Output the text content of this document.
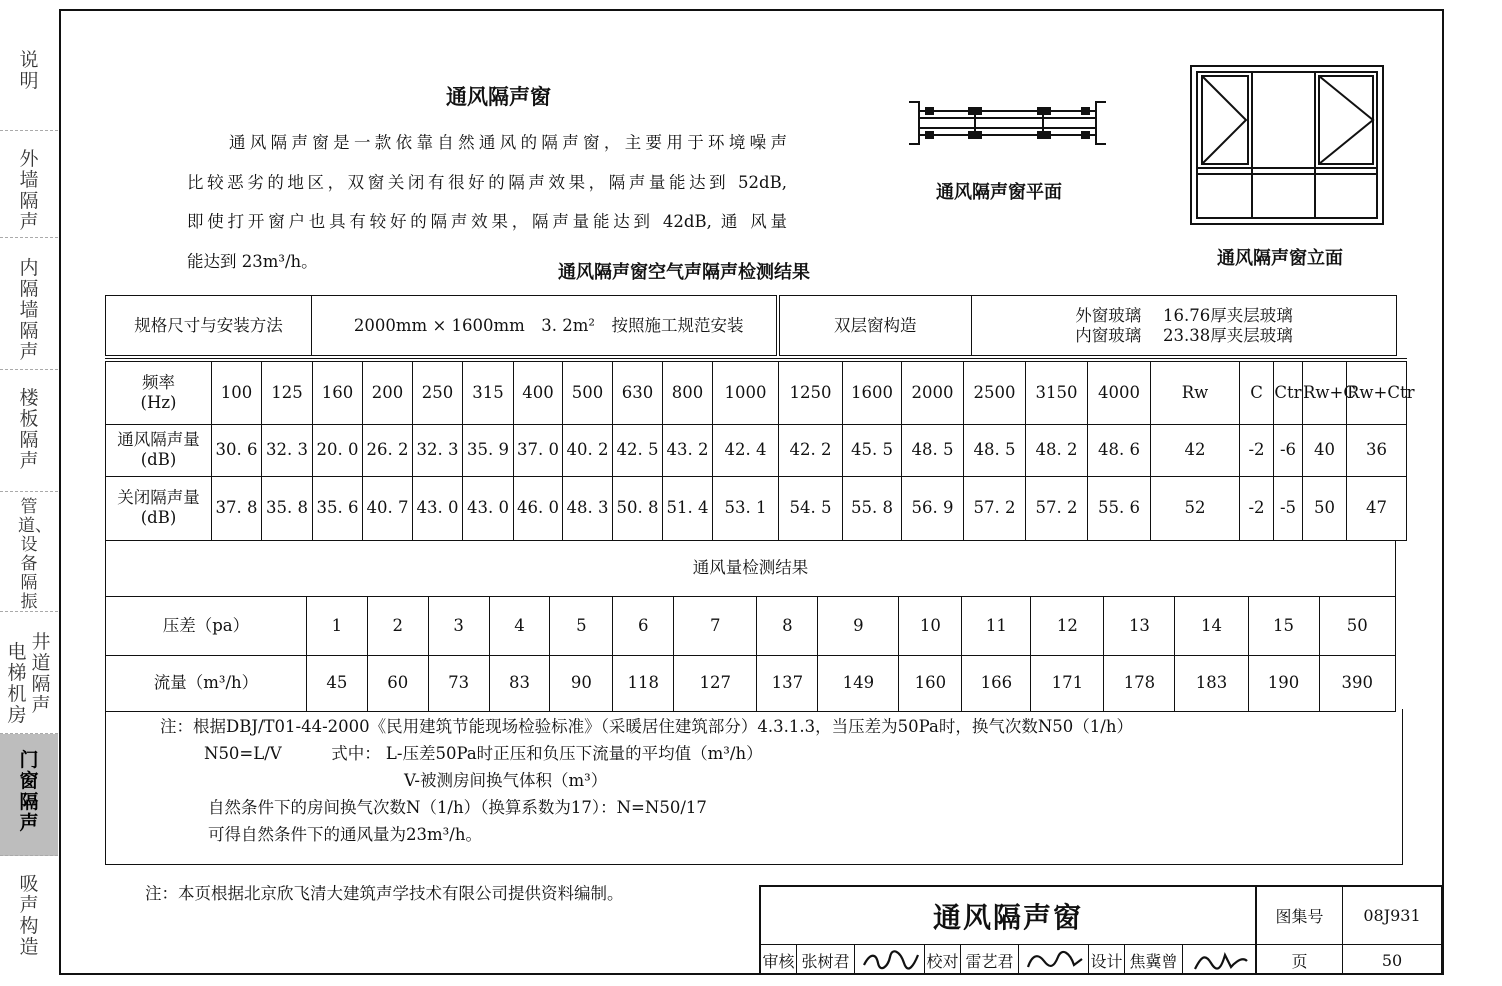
说明
外墙隔声
内隔墙隔声
楼板隔声
管道、设备隔振
电梯机房
井道隔声
门窗隔声
吸声构造
通风隔声窗
通风隔声窗是一款依靠自然通风的隔声窗，主要用于环境噪声
比较恶劣的地区，双窗关闭有很好的隔声效果，隔声量能达到 52dB,
即使打开窗户也具有较好的隔声效果，隔声量能达到 42dB, 通 风量
能达到 23m³/h。
通风隔声窗平面
通风隔声窗立面
通风隔声窗空气声隔声检测结果
规格尺寸与安装方法	2000mm × 1600mm　3. 2m²　按照施工规范安装	双层窗构造	
外窗玻璃　 16.76厚夹层玻璃
内窗玻璃　 23.38厚夹层玻璃
频率
(Hz)	100	125	160	200	250	315	400	500	630	800	1000	1250	1600	2000	2500	3150	4000	Rw	C	Ctr	Rw+C	Rw+Ctr

通风隔声量
(dB)	30. 6	32. 3	20. 0	26. 2	32. 3	35. 9	37. 0	40. 2	42. 5	43. 2	42. 4	42. 2	45. 5	48. 5	48. 5	48. 2	48. 6	42	-2	-6	40	36

关闭隔声量
(dB)	37. 8	35. 8	35. 6	40. 7	43. 0	43. 0	46. 0	48. 3	50. 8	51. 4	53. 1	54. 5	55. 8	56. 9	57. 2	57. 2	55. 6	52	-2	-5	50	47
通风量检测结果																
压差（pa）	1	2	3	4	5	6	7	8	9	10	11	12	13	14	15	50
流量（m³/h）	45	60	73	83	90	118	127	137	149	160	166	171	178	183	190	390
注：根据DBJ/T01-44-2000《民用建筑节能现场检验标准》（采暖居住建筑部分）4.3.1.3，当压差为50Pa时，换气次数N50（1/h）
N50=L/V　　　式中： L-压差50Pa时正压和负压下流量的平均值（m³/h）
V-被测房间换气体积（m³）
自然条件下的房间换气次数N（1/h）（换算系数为17）：N=N50/17
可得自然条件下的通风量为23m³/h。
注：本页根据北京欣飞清大建筑声学技术有限公司提供资料编制。
通风隔声窗	图集号	08J931
页	50
审核 张树君	校对 雷艺君	设计 焦冀曾
